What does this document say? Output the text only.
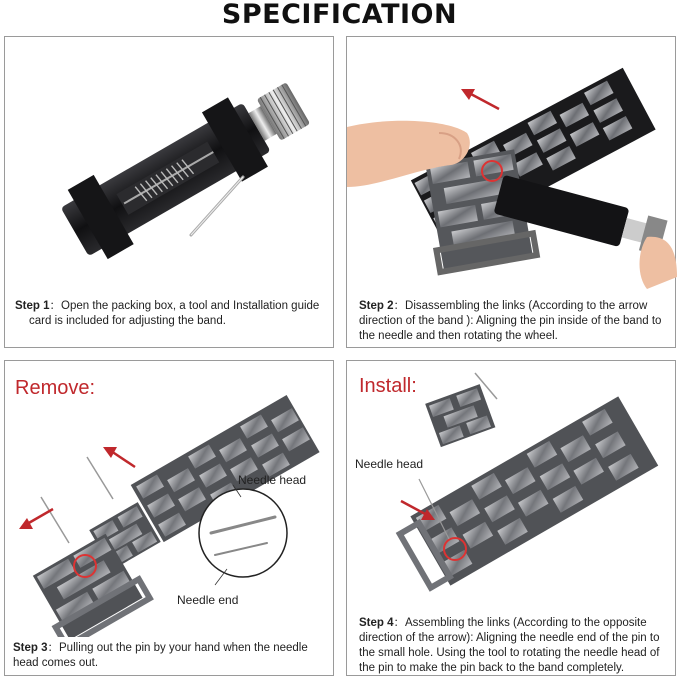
SPECIFICATION
Step 1：Open the packing box, a tool and Installation guide
card is included for adjusting the band.
Step 2：Disassembling the links (According to the arrow direction of the band ): Aligning the pin inside of the band to the needle and then rotating the wheel.
Remove:
Needle head
Needle end
Step 3：Pulling out the pin by your hand when the needle head comes out.
Install:
Needle head
Step 4：Assembling the links (According to the opposite direction of the arrow): Aligning the needle end of the pin to the small hole. Using the tool to rotating the needle head of the pin to make the pin back to the band completely.
